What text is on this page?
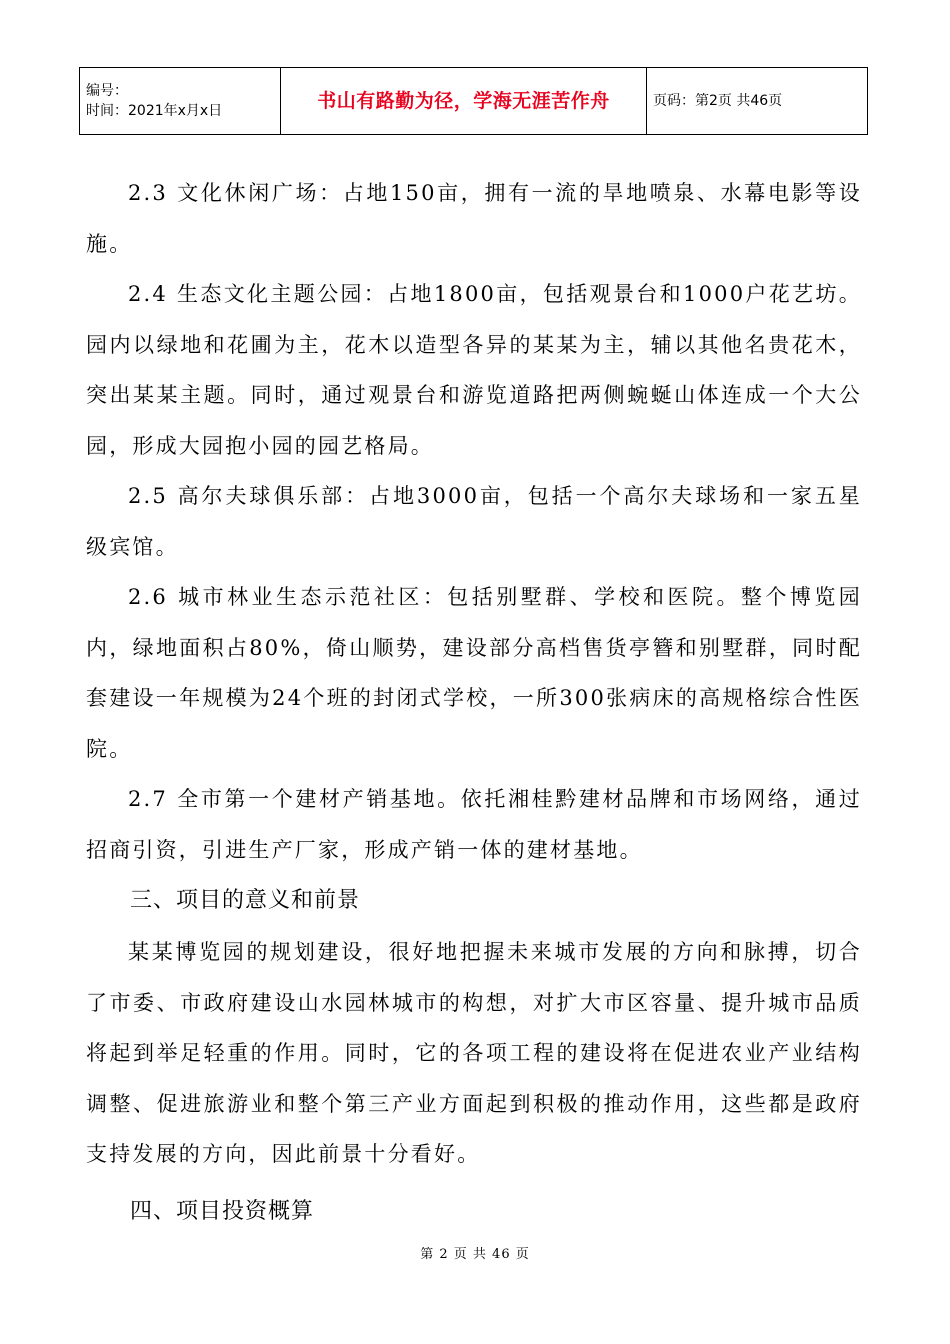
编号：
时间：2021年x月x日	书山有路勤为径，学海无涯苦作舟	页码：第2页 共46页

2.3 文化休闲广场：占地150亩，拥有一流的旱地喷泉、水幕电影等设施。

2.4 生态文化主题公园：占地1800亩，包括观景台和1000户花艺坊。园内以绿地和花圃为主，花木以造型各异的某某为主，辅以其他名贵花木，突出某某主题。同时，通过观景台和游览道路把两侧蜿蜒山体连成一个大公园，形成大园抱小园的园艺格局。

2.5 高尔夫球俱乐部：占地3000亩，包括一个高尔夫球场和一家五星级宾馆。

2.6 城市林业生态示范社区：包括别墅群、学校和医院。整个博览园内，绿地面积占80%，倚山顺势，建设部分高档售货亭簪和别墅群，同时配套建设一年规模为24个班的封闭式学校，一所300张病床的高规格综合性医院。

2.7 全市第一个建材产销基地。依托湘桂黔建材品牌和市场网络，通过招商引资，引进生产厂家，形成产销一体的建材基地。

三、项目的意义和前景

某某博览园的规划建设，很好地把握未来城市发展的方向和脉搏，切合了市委、市政府建设山水园林城市的构想，对扩大市区容量、提升城市品质将起到举足轻重的作用。同时，它的各项工程的建设将在促进农业产业结构调整、促进旅游业和整个第三产业方面起到积极的推动作用，这些都是政府支持发展的方向，因此前景十分看好。

四、项目投资概算

第 2 页 共 46 页
